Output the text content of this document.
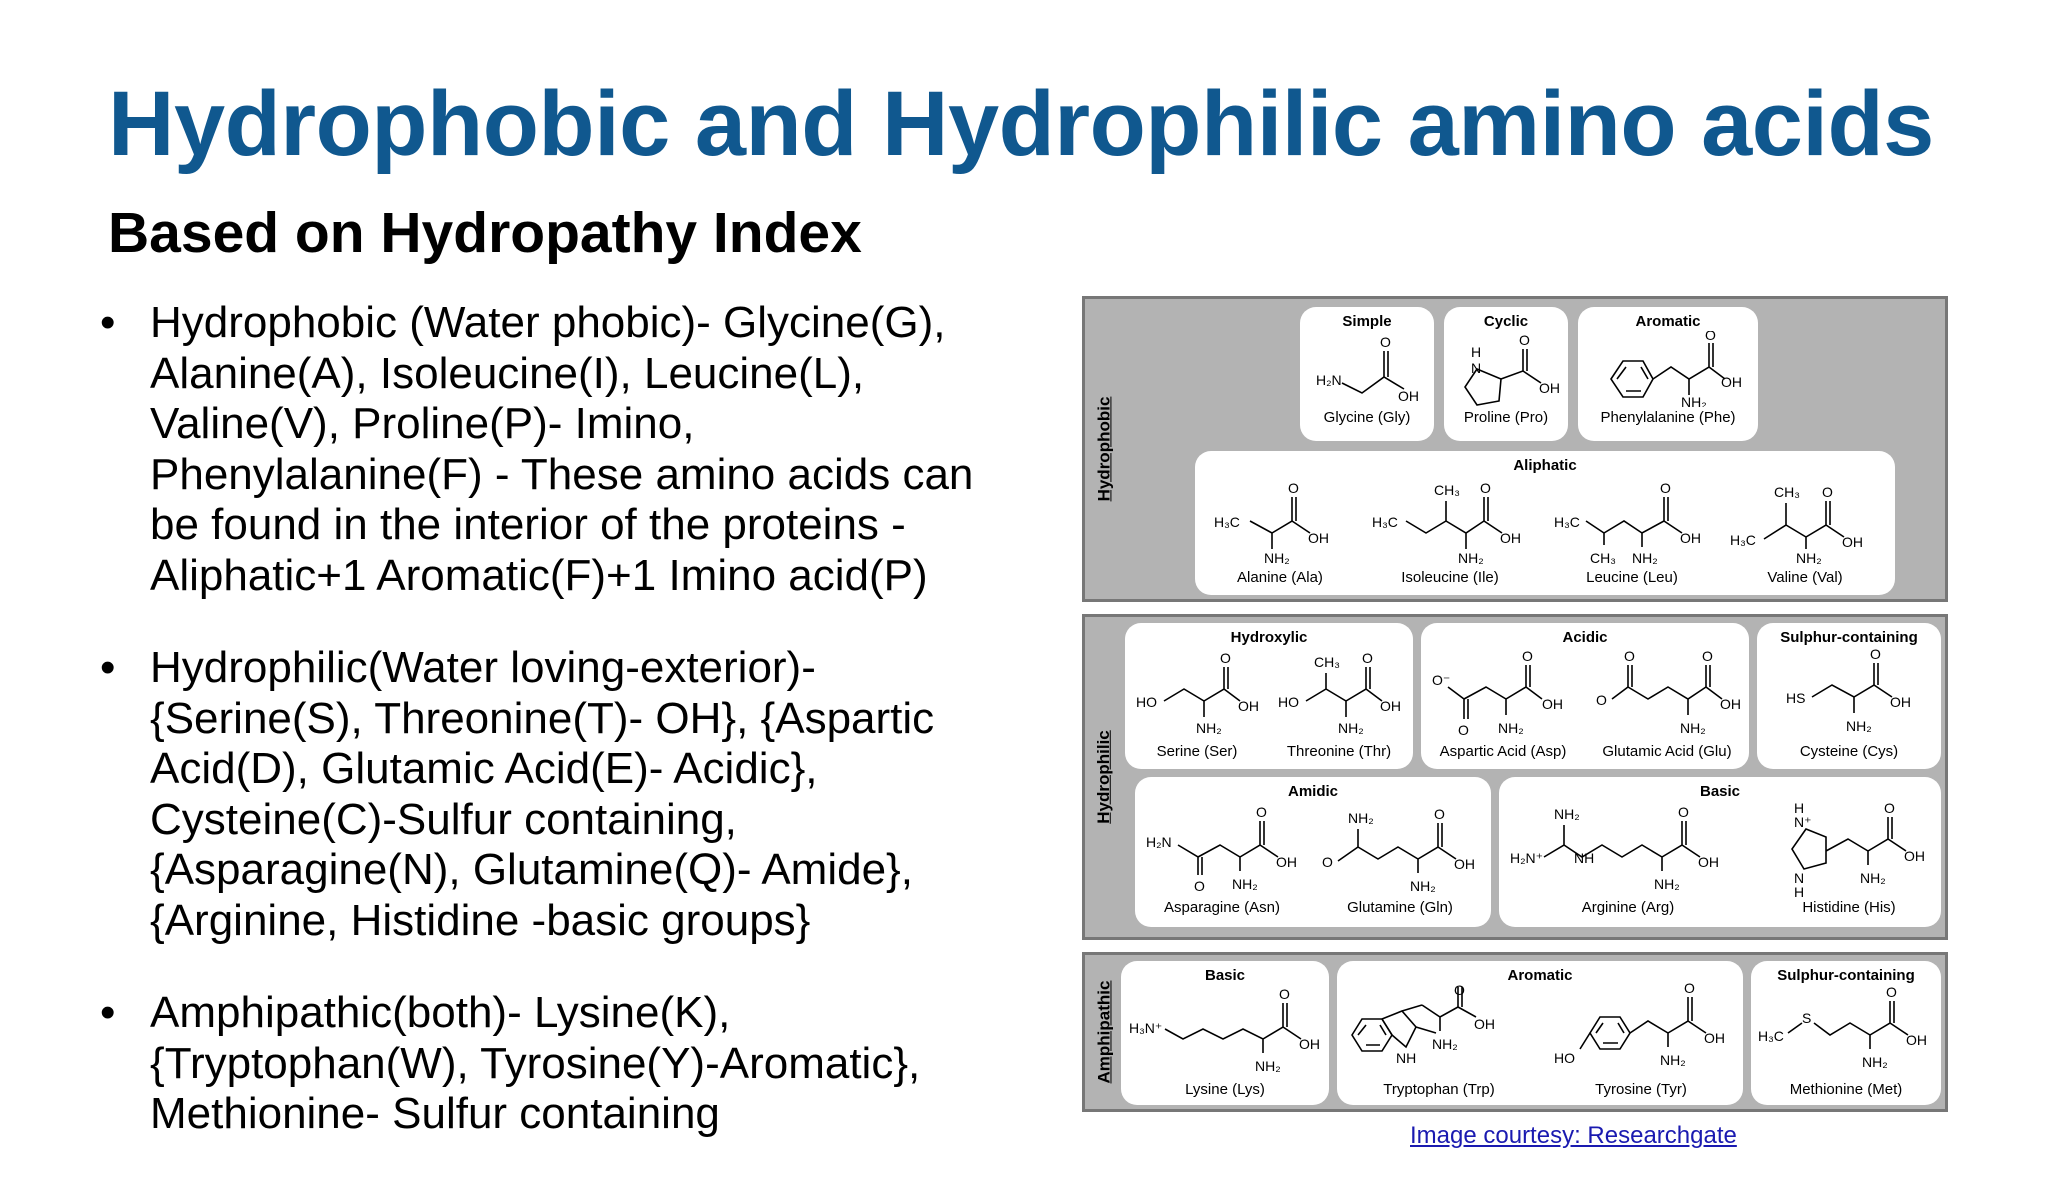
Hydrophobic and Hydrophilic amino acids
Based on Hydropathy Index
• Hydrophobic (Water phobic)- Glycine(G),
Alanine(A), Isoleucine(I), Leucine(L),
Valine(V), Proline(P)- Imino,
Phenylalanine(F) - These amino acids can
be found in the interior of the proteins -
Aliphatic+1 Aromatic(F)+1 Imino acid(P)
• Hydrophilic(Water loving-exterior)-
{Serine(S), Threonine(T)- OH}, {Aspartic
Acid(D), Glutamic Acid(E)- Acidic},
Cysteine(C)-Sulfur containing,
{Asparagine(N), Glutamine(Q)- Amide},
{Arginine, Histidine -basic groups}
• Amphipathic(both)- Lysine(K),
{Tryptophan(W), Tyrosine(Y)-Aromatic},
Methionine- Sulfur containing
Hydrophobic
Simple
H₂N
O
OH
Glycine (Gly)
Cyclic
H
N
O
OH
Proline (Pro)
Aromatic
O
OH
NH₂
Phenylalanine (Phe)
Aliphatic
H₃C
O
OH
NH₂
Alanine (Ala)
H₃C
CH₃ O
OH
NH₂
Isoleucine (Ile)
H₃C
CH₃ NH₂
O
OH
Leucine (Leu)
H₃C
CH₃ O
OH
NH₂
Valine (Val)
Hydrophilic
Hydroxylic
HO
O
OH
NH₂
Serine (Ser)
HO
CH₃ O
OH
NH₂
Threonine (Thr)
Acidic
O⁻
O
O
OH
NH₂
Aspartic Acid (Asp)
O
O	O
OH
NH₂
Glutamic Acid (Glu)
Sulphur-containing
HS
O
OH
NH₂
Cysteine (Cys)
Amidic
H₂N
O
O
OH
NH₂
Asparagine (Asn)
O
NH₂	O
OH
NH₂
Glutamine (Gln)
Basic
H₂N⁺
NH₂
NH
O
OH
NH₂
Arginine (Arg)
H
N⁺
N
H
O
OH
NH₂
Histidine (His)
Amphipathic
Basic
H₃N⁺
O
OH
NH₂
Lysine (Lys)
Aromatic
NH
O
OH
NH₂
Tryptophan (Trp)
HO
O
OH
NH₂
Tyrosine (Tyr)
Sulphur-containing
H₃C
S
O
OH
NH₂
Methionine (Met)
Image courtesy: Researchgate
